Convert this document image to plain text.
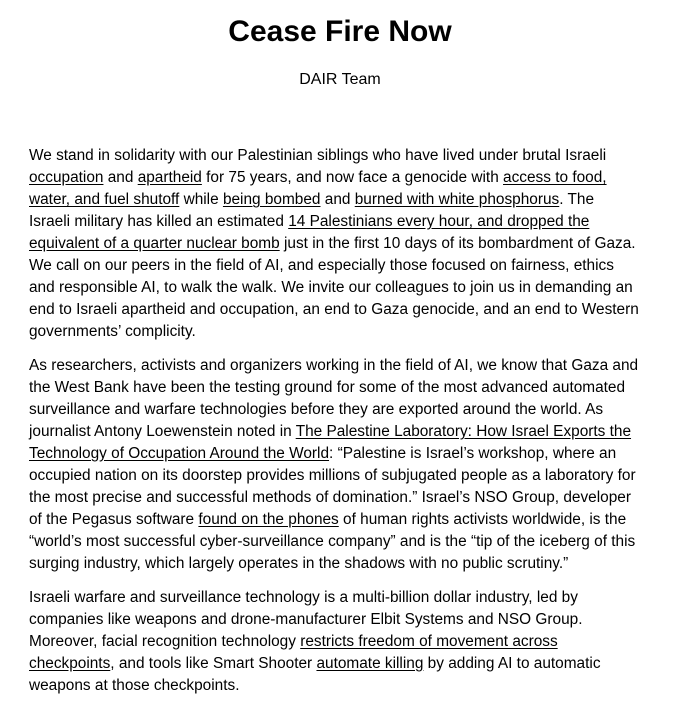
Cease Fire Now
DAIR Team

We stand in solidarity with our Palestinian siblings who have lived under brutal Israeli occupation and apartheid for 75 years, and now face a genocide with access to food, water, and fuel shutoff while being bombed and burned with white phosphorus. The Israeli military has killed an estimated 14 Palestinians every hour, and dropped the equivalent of a quarter nuclear bomb just in the first 10 days of its bombardment of Gaza. We call on our peers in the field of AI, and especially those focused on fairness, ethics and responsible AI, to walk the walk. We invite our colleagues to join us in demanding an end to Israeli apartheid and occupation, an end to Gaza genocide, and an end to Western governments’ complicity.

As researchers, activists and organizers working in the field of AI, we know that Gaza and the West Bank have been the testing ground for some of the most advanced automated surveillance and warfare technologies before they are exported around the world. As journalist Antony Loewenstein noted in The Palestine Laboratory: How Israel Exports the Technology of Occupation Around the World: “Palestine is Israel’s workshop, where an occupied nation on its doorstep provides millions of subjugated people as a laboratory for the most precise and successful methods of domination.” Israel’s NSO Group, developer of the Pegasus software found on the phones of human rights activists worldwide, is the “world’s most successful cyber-surveillance company” and is the “tip of the iceberg of this surging industry, which largely operates in the shadows with no public scrutiny.”

Israeli warfare and surveillance technology is a multi-billion dollar industry, led by companies like weapons and drone-manufacturer Elbit Systems and NSO Group. Moreover, facial recognition technology restricts freedom of movement across checkpoints, and tools like Smart Shooter automate killing by adding AI to automatic weapons at those checkpoints.
